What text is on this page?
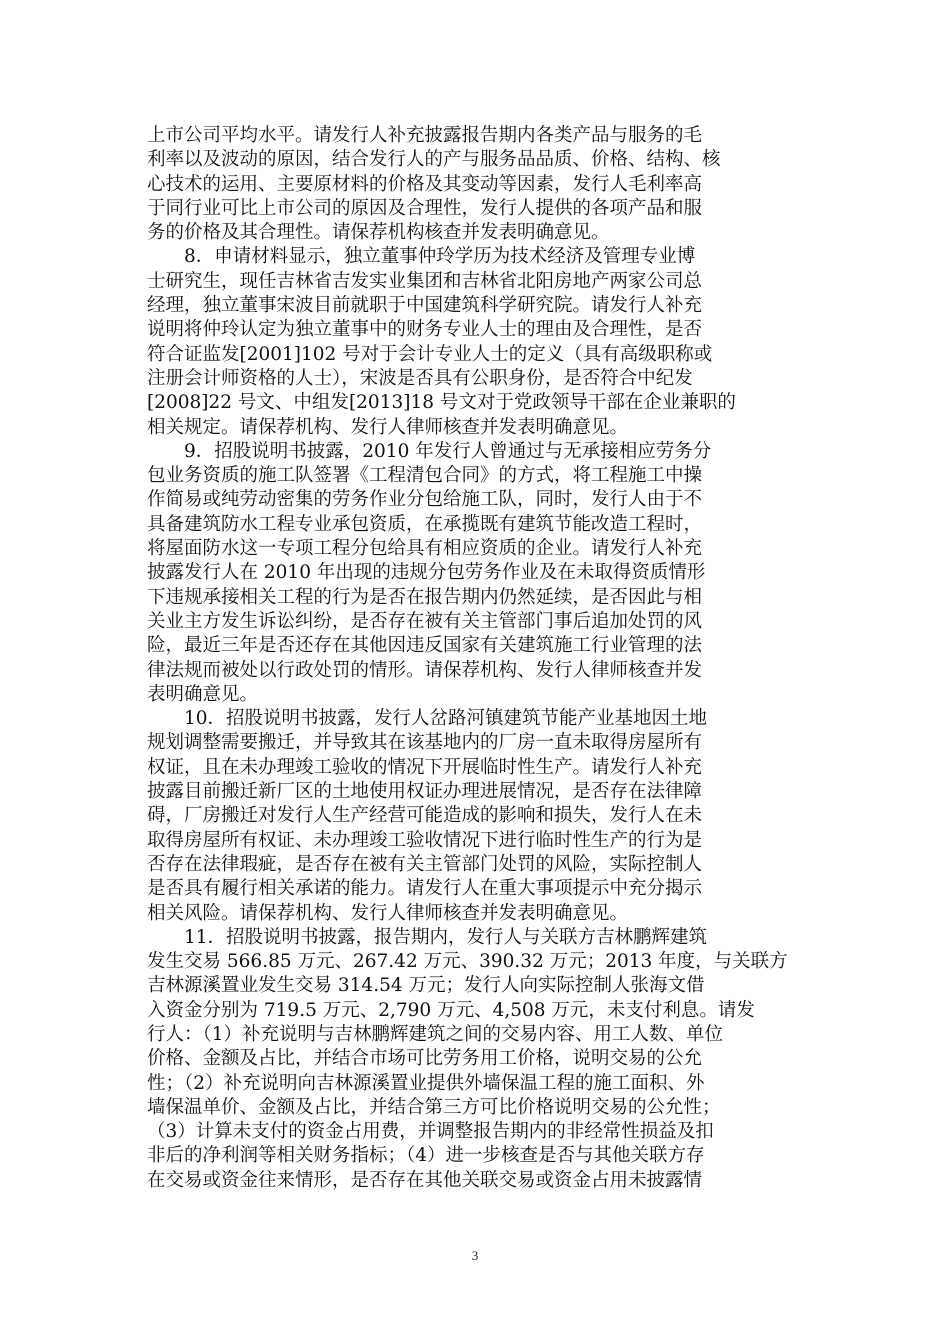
上市公司平均水平。请发行人补充披露报告期内各类产品与服务的毛
利率以及波动的原因，结合发行人的产与服务品品质、价格、结构、核
心技术的运用、主要原材料的价格及其变动等因素，发行人毛利率高
于同行业可比上市公司的原因及合理性，发行人提供的各项产品和服
务的价格及其合理性。请保荐机构核查并发表明确意见。
　　8．申请材料显示，独立董事仲玲学历为技术经济及管理专业博
士研究生，现任吉林省吉发实业集团和吉林省北阳房地产两家公司总
经理，独立董事宋波目前就职于中国建筑科学研究院。请发行人补充
说明将仲玲认定为独立董事中的财务专业人士的理由及合理性，是否
符合证监发[2001]102 号对于会计专业人士的定义（具有高级职称或
注册会计师资格的人士），宋波是否具有公职身份，是否符合中纪发
[2008]22 号文、中组发[2013]18 号文对于党政领导干部在企业兼职的
相关规定。请保荐机构、发行人律师核查并发表明确意见。
　　9．招股说明书披露，2010 年发行人曾通过与无承接相应劳务分
包业务资质的施工队签署《工程清包合同》的方式，将工程施工中操
作简易或纯劳动密集的劳务作业分包给施工队，同时，发行人由于不
具备建筑防水工程专业承包资质，在承揽既有建筑节能改造工程时，
将屋面防水这一专项工程分包给具有相应资质的企业。请发行人补充
披露发行人在 2010 年出现的违规分包劳务作业及在未取得资质情形
下违规承接相关工程的行为是否在报告期内仍然延续，是否因此与相
关业主方发生诉讼纠纷，是否存在被有关主管部门事后追加处罚的风
险，最近三年是否还存在其他因违反国家有关建筑施工行业管理的法
律法规而被处以行政处罚的情形。请保荐机构、发行人律师核查并发
表明确意见。
　　10．招股说明书披露，发行人岔路河镇建筑节能产业基地因土地
规划调整需要搬迁，并导致其在该基地内的厂房一直未取得房屋所有
权证，且在未办理竣工验收的情况下开展临时性生产。请发行人补充
披露目前搬迁新厂区的土地使用权证办理进展情况，是否存在法律障
碍，厂房搬迁对发行人生产经营可能造成的影响和损失，发行人在未
取得房屋所有权证、未办理竣工验收情况下进行临时性生产的行为是
否存在法律瑕疵，是否存在被有关主管部门处罚的风险，实际控制人
是否具有履行相关承诺的能力。请发行人在重大事项提示中充分揭示
相关风险。请保荐机构、发行人律师核查并发表明确意见。
　　11．招股说明书披露，报告期内，发行人与关联方吉林鹏辉建筑
发生交易 566.85 万元、267.42 万元、390.32 万元；2013 年度，与关联方
吉林源溪置业发生交易 314.54 万元；发行人向实际控制人张海文借
入资金分别为 719.5 万元、2,790 万元、4,508 万元，未支付利息。请发
行人：（1）补充说明与吉林鹏辉建筑之间的交易内容、用工人数、单位
价格、金额及占比，并结合市场可比劳务用工价格，说明交易的公允
性；（2）补充说明向吉林源溪置业提供外墙保温工程的施工面积、外
墙保温单价、金额及占比，并结合第三方可比价格说明交易的公允性；
（3）计算未支付的资金占用费，并调整报告期内的非经常性损益及扣
非后的净利润等相关财务指标；（4）进一步核查是否与其他关联方存
在交易或资金往来情形，是否存在其他关联交易或资金占用未披露情
3
